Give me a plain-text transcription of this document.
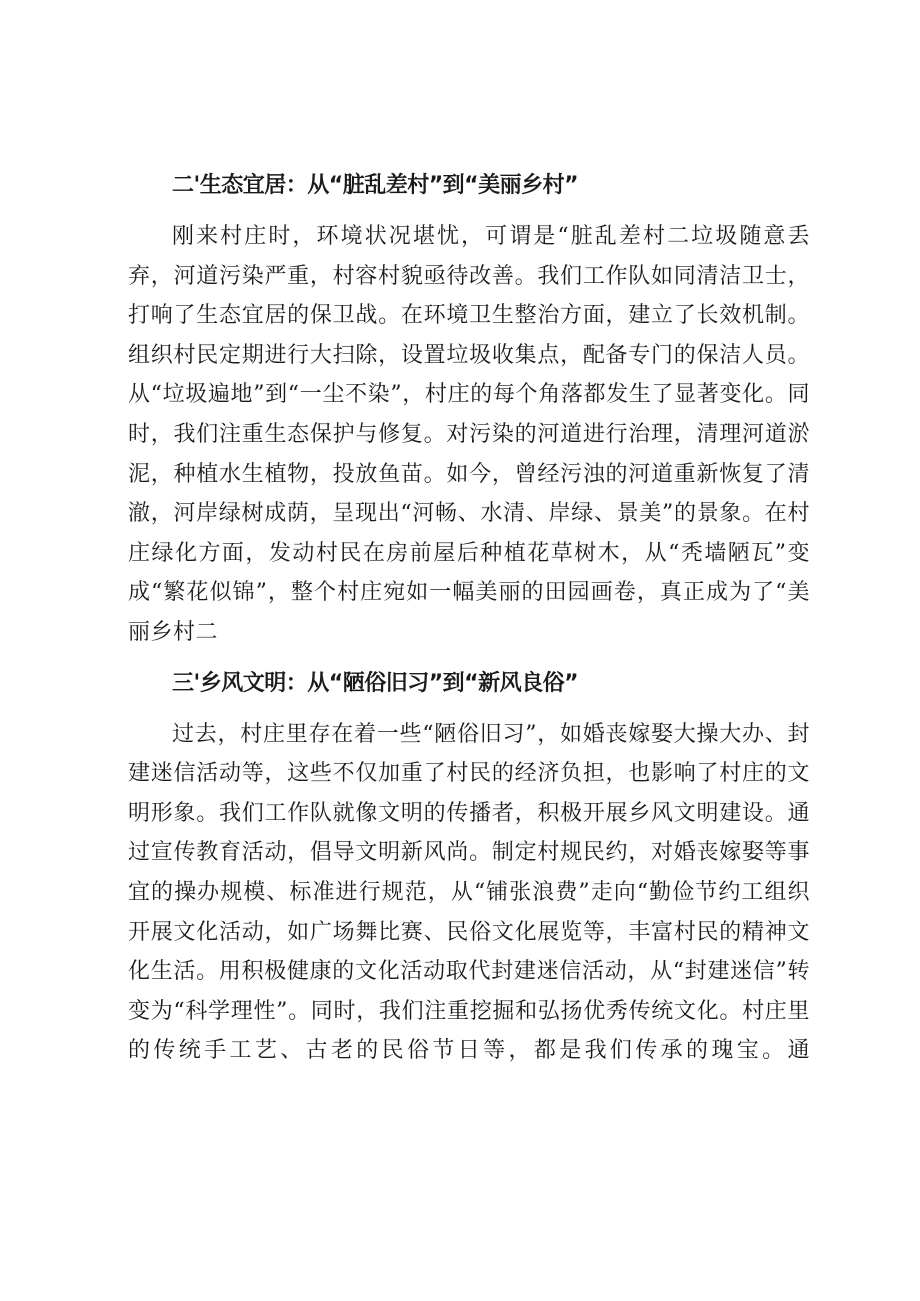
二'生态宜居：从“脏乱差村”到“美丽乡村”

刚来村庄时，环境状况堪忧，可谓是“脏乱差村二垃圾随意丢弃，河道污染严重，村容村貌亟待改善。我们工作队如同清洁卫士，打响了生态宜居的保卫战。在环境卫生整治方面，建立了长效机制。组织村民定期进行大扫除，设置垃圾收集点，配备专门的保洁人员。从“垃圾遍地”到“一尘不染”，村庄的每个角落都发生了显著变化。同时，我们注重生态保护与修复。对污染的河道进行治理，清理河道淤泥，种植水生植物，投放鱼苗。如今，曾经污浊的河道重新恢复了清澈，河岸绿树成荫，呈现出“河畅、水清、岸绿、景美”的景象。在村庄绿化方面，发动村民在房前屋后种植花草树木，从“秃墙陋瓦”变成“繁花似锦”，整个村庄宛如一幅美丽的田园画卷，真正成为了“美丽乡村二

三'乡风文明：从“陋俗旧习”到“新风良俗”

过去，村庄里存在着一些“陋俗旧习”，如婚丧嫁娶大操大办、封建迷信活动等，这些不仅加重了村民的经济负担，也影响了村庄的文明形象。我们工作队就像文明的传播者，积极开展乡风文明建设。通过宣传教育活动，倡导文明新风尚。制定村规民约，对婚丧嫁娶等事宜的操办规模、标准进行规范，从“铺张浪费”走向“勤俭节约工组织开展文化活动，如广场舞比赛、民俗文化展览等，丰富村民的精神文化生活。用积极健康的文化活动取代封建迷信活动，从“封建迷信”转变为“科学理性”。同时，我们注重挖掘和弘扬优秀传统文化。村庄里的传统手工艺、古老的民俗节日等，都是我们传承的瑰宝。通
